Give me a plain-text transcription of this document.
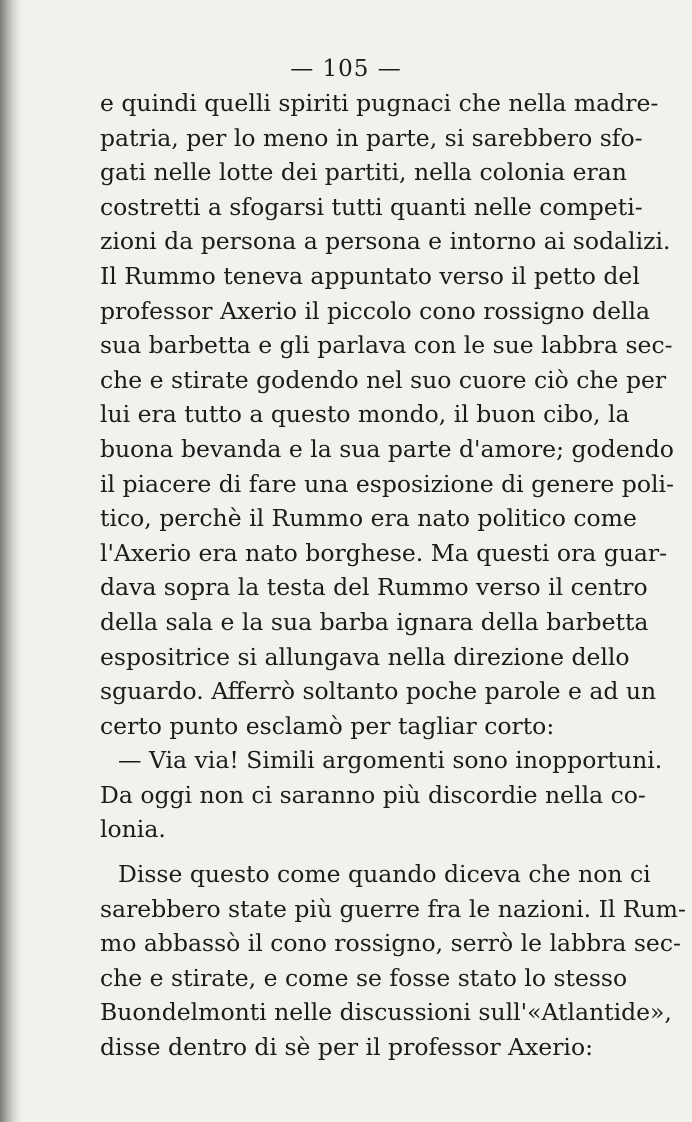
— 105 —
e quindi quelli spiriti pugnaci che nella madre-
patria, per lo meno in parte, si sarebbero sfo-
gati nelle lotte dei partiti, nella colonia eran
costretti a sfogarsi tutti quanti nelle competi-
zioni da persona a persona e intorno ai sodalizi.
Il Rummo teneva appuntato verso il petto del
professor Axerio il piccolo cono rossigno della
sua barbetta e gli parlava con le sue labbra sec-
che e stirate godendo nel suo cuore ciò che per
lui era tutto a questo mondo, il buon cibo, la
buona bevanda e la sua parte d'amore; godendo
il piacere di fare una esposizione di genere poli-
tico, perchè il Rummo era nato politico come
l'Axerio era nato borghese. Ma questi ora guar-
dava sopra la testa del Rummo verso il centro
della sala e la sua barba ignara della barbetta
espositrice si allungava nella direzione dello
sguardo. Afferrò soltanto poche parole e ad un
certo punto esclamò per tagliar corto:
— Via via! Simili argomenti sono inopportuni.
Da oggi non ci saranno più discordie nella co-
lonia.
Disse questo come quando diceva che non ci
sarebbero state più guerre fra le nazioni. Il Rum-
mo abbassò il cono rossigno, serrò le labbra sec-
che e stirate, e come se fosse stato lo stesso
Buondelmonti nelle discussioni sull'«Atlantide»,
disse dentro di sè per il professor Axerio:
